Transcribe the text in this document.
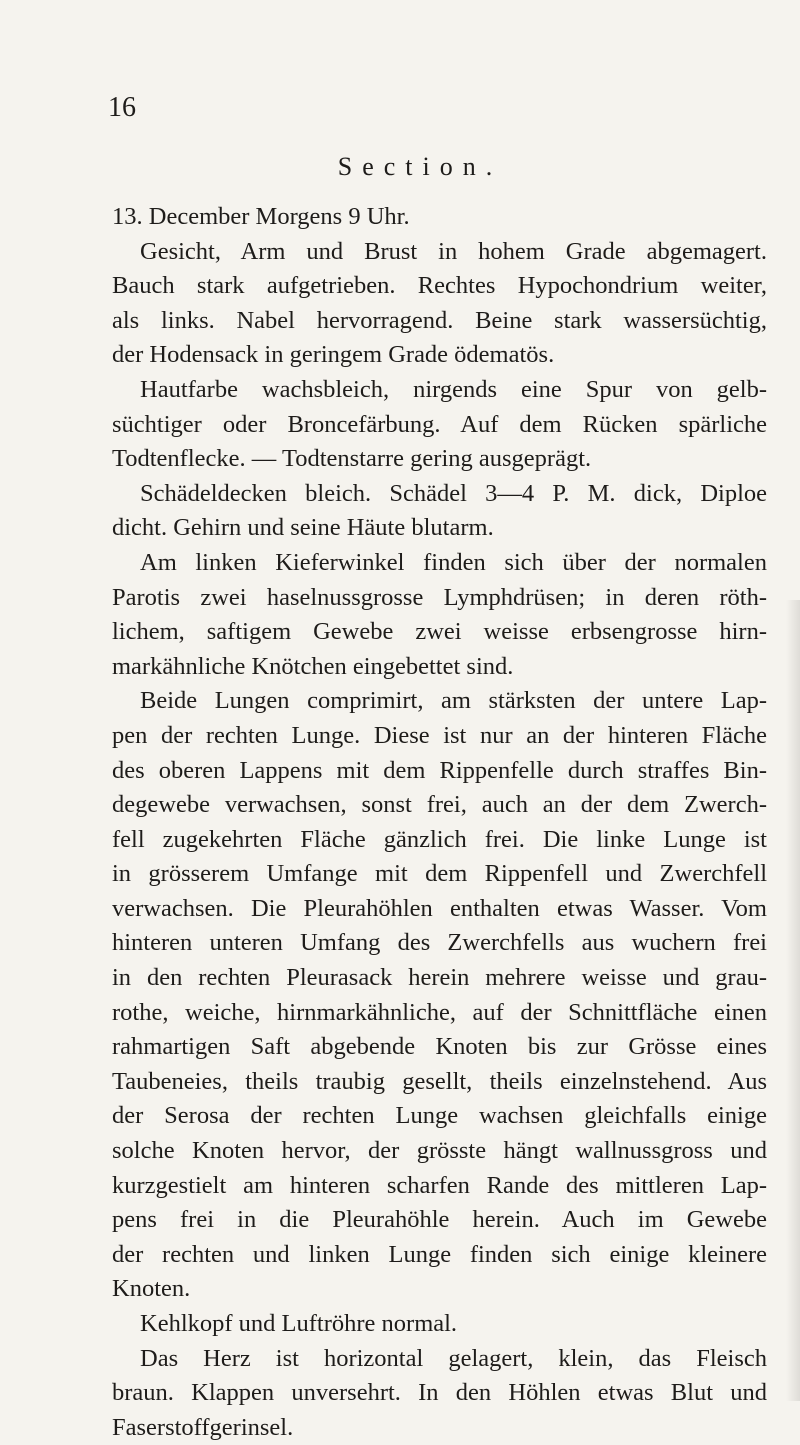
16
Section.
13. December Morgens 9 Uhr.
Gesicht, Arm und Brust in hohem Grade abgemagert.
Bauch stark aufgetrieben. Rechtes Hypochondrium weiter,
als links. Nabel hervorragend. Beine stark wassersüchtig,
der Hodensack in geringem Grade ödematös.
Hautfarbe wachsbleich, nirgends eine Spur von gelb-
süchtiger oder Broncefärbung. Auf dem Rücken spärliche
Todtenflecke. — Todtenstarre gering ausgeprägt.
Schädeldecken bleich. Schädel 3—4 P. M. dick, Diploe
dicht. Gehirn und seine Häute blutarm.
Am linken Kieferwinkel finden sich über der normalen
Parotis zwei haselnussgrosse Lymphdrüsen; in deren röth-
lichem, saftigem Gewebe zwei weisse erbsengrosse hirn-
markähnliche Knötchen eingebettet sind.
Beide Lungen comprimirt, am stärksten der untere Lap-
pen der rechten Lunge. Diese ist nur an der hinteren Fläche
des oberen Lappens mit dem Rippenfelle durch straffes Bin-
degewebe verwachsen, sonst frei, auch an der dem Zwerch-
fell zugekehrten Fläche gänzlich frei. Die linke Lunge ist
in grösserem Umfange mit dem Rippenfell und Zwerchfell
verwachsen. Die Pleurahöhlen enthalten etwas Wasser. Vom
hinteren unteren Umfang des Zwerchfells aus wuchern frei
in den rechten Pleurasack herein mehrere weisse und grau-
rothe, weiche, hirnmarkähnliche, auf der Schnittfläche einen
rahmartigen Saft abgebende Knoten bis zur Grösse eines
Taubeneies, theils traubig gesellt, theils einzelnstehend. Aus
der Serosa der rechten Lunge wachsen gleichfalls einige
solche Knoten hervor, der grösste hängt wallnussgross und
kurzgestielt am hinteren scharfen Rande des mittleren Lap-
pens frei in die Pleurahöhle herein. Auch im Gewebe
der rechten und linken Lunge finden sich einige kleinere
Knoten.
Kehlkopf und Luftröhre normal.
Das Herz ist horizontal gelagert, klein, das Fleisch
braun. Klappen unversehrt. In den Höhlen etwas Blut und
Faserstoffgerinsel.
